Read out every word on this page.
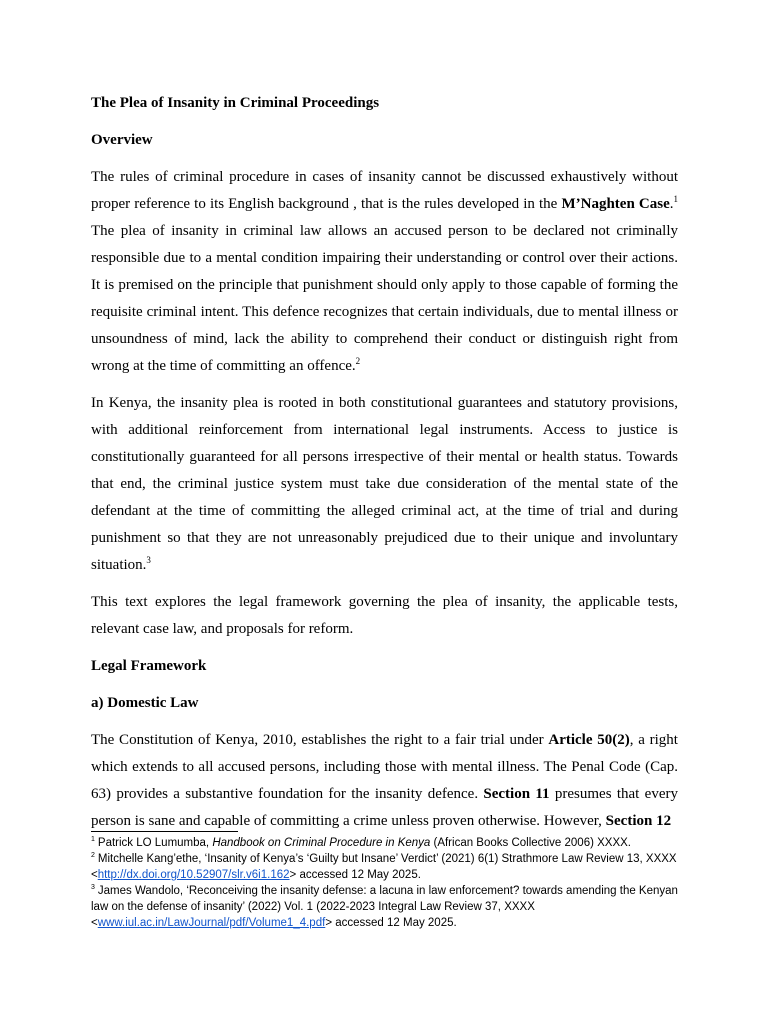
The Plea of Insanity in Criminal Proceedings
Overview

The rules of criminal procedure in cases of insanity cannot be discussed exhaustively without proper reference to its English background , that is the rules developed in the M’Naghten Case.$^1$ The plea of insanity in criminal law allows an accused person to be declared not criminally responsible due to a mental condition impairing their understanding or control over their actions. It is premised on the principle that punishment should only apply to those capable of forming the requisite criminal intent. This defence recognizes that certain individuals, due to mental illness or unsoundness of mind, lack the ability to comprehend their conduct or distinguish right from wrong at the time of committing an offence.$^2$

In Kenya, the insanity plea is rooted in both constitutional guarantees and statutory provisions, with additional reinforcement from international legal instruments. Access to justice is constitutionally guaranteed for all persons irrespective of their mental or health status. Towards that end, the criminal justice system must take due consideration of the mental state of the defendant at the time of committing the alleged criminal act, at the time of trial and during punishment so that they are not unreasonably prejudiced due to their unique and involuntary situation.$^3$

This text explores the legal framework governing the plea of insanity, the applicable tests, relevant case law, and proposals for reform.

Legal Framework
a) Domestic Law

The Constitution of Kenya, 2010, establishes the right to a fair trial under Article 50(2), a right which extends to all accused persons, including those with mental illness. The Penal Code (Cap. 63) provides a substantive foundation for the insanity defence. Section 11 presumes that every person is sane and capable of committing a crime unless proven otherwise. However, Section 12

$^1$ Patrick LO Lumumba, Handbook on Criminal Procedure in Kenya (African Books Collective 2006) XXXX.

$^2$ Mitchelle Kang’ethe, ‘Insanity of Kenya’s ‘Guilty but Insane’ Verdict’ (2021) 6(1) Strathmore Law Review 13, XXXX <http://dx.doi.org/10.52907/slr.v6i1.162> accessed 12 May 2025.

$^3$ James Wandolo, ‘Reconceiving the insanity defense: a lacuna in law enforcement? towards amending the Kenyan law on the defense of insanity’ (2022) Vol. 1 (2022-2023 Integral Law Review 37, XXXX <www.iul.ac.in/LawJournal/pdf/Volume1_4.pdf> accessed 12 May 2025.
